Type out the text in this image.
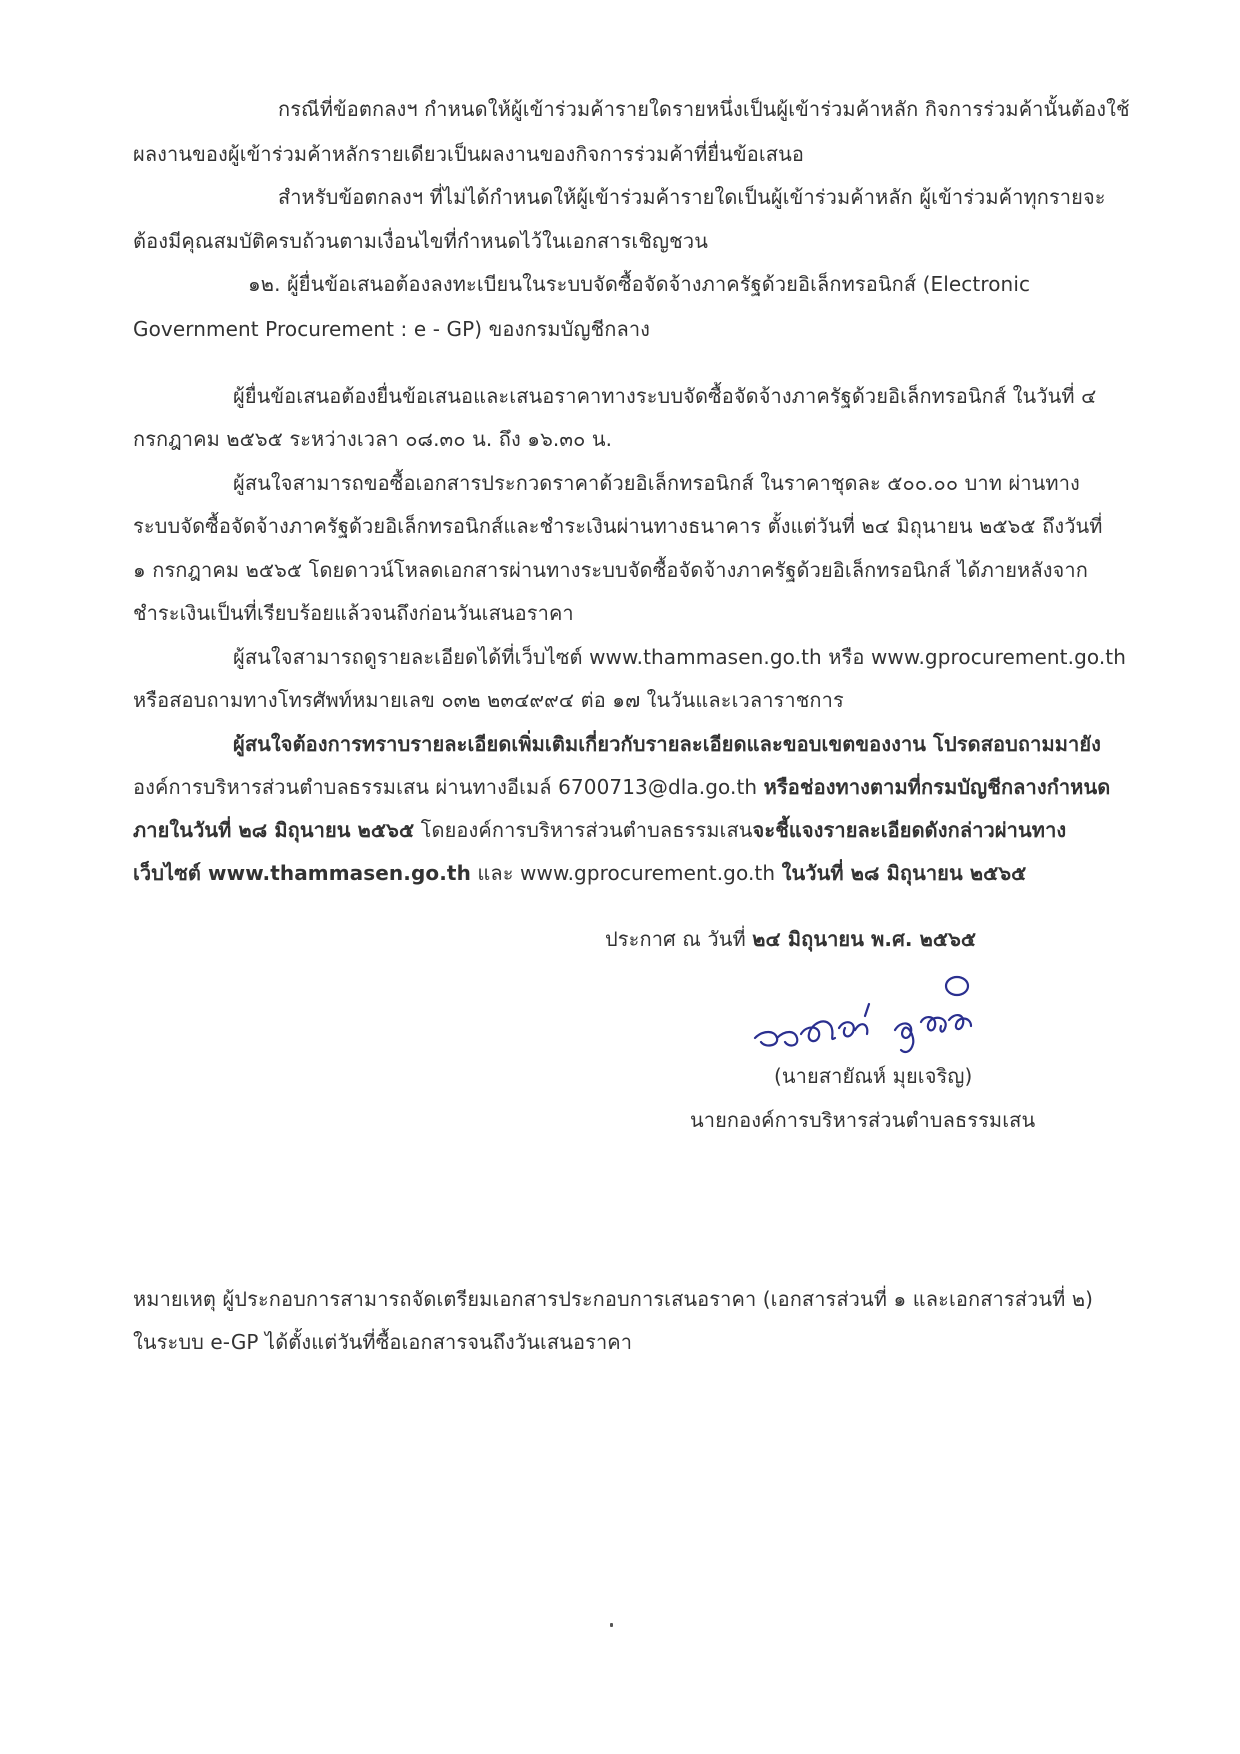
กรณีที่ข้อตกลงฯ กำหนดให้ผู้เข้าร่วมค้ารายใดรายหนึ่งเป็นผู้เข้าร่วมค้าหลัก กิจการร่วมค้านั้นต้องใช้
ผลงานของผู้เข้าร่วมค้าหลักรายเดียวเป็นผลงานของกิจการร่วมค้าที่ยื่นข้อเสนอ
สำหรับข้อตกลงฯ ที่ไม่ได้กำหนดให้ผู้เข้าร่วมค้ารายใดเป็นผู้เข้าร่วมค้าหลัก ผู้เข้าร่วมค้าทุกรายจะ
ต้องมีคุณสมบัติครบถ้วนตามเงื่อนไขที่กำหนดไว้ในเอกสารเชิญชวน
๑๒. ผู้ยื่นข้อเสนอต้องลงทะเบียนในระบบจัดซื้อจัดจ้างภาครัฐด้วยอิเล็กทรอนิกส์ (Electronic
Government Procurement : e - GP) ของกรมบัญชีกลาง
ผู้ยื่นข้อเสนอต้องยื่นข้อเสนอและเสนอราคาทางระบบจัดซื้อจัดจ้างภาครัฐด้วยอิเล็กทรอนิกส์ ในวันที่ ๔
กรกฎาคม ๒๕๖๕ ระหว่างเวลา ๐๘.๓๐ น. ถึง ๑๖.๓๐ น.
ผู้สนใจสามารถขอซื้อเอกสารประกวดราคาด้วยอิเล็กทรอนิกส์ ในราคาชุดละ ๕๐๐.๐๐ บาท ผ่านทาง
ระบบจัดซื้อจัดจ้างภาครัฐด้วยอิเล็กทรอนิกส์และชำระเงินผ่านทางธนาคาร ตั้งแต่วันที่ ๒๔ มิถุนายน ๒๕๖๕ ถึงวันที่
๑ กรกฎาคม ๒๕๖๕ โดยดาวน์โหลดเอกสารผ่านทางระบบจัดซื้อจัดจ้างภาครัฐด้วยอิเล็กทรอนิกส์ ได้ภายหลังจาก
ชำระเงินเป็นที่เรียบร้อยแล้วจนถึงก่อนวันเสนอราคา
ผู้สนใจสามารถดูรายละเอียดได้ที่เว็บไซต์ www.thammasen.go.th หรือ www.gprocurement.go.th
หรือสอบถามทางโทรศัพท์หมายเลข ๐๓๒ ๒๓๔๙๙๔ ต่อ ๑๗ ในวันและเวลาราชการ
ผู้สนใจต้องการทราบรายละเอียดเพิ่มเติมเกี่ยวกับรายละเอียดและขอบเขตของงาน โปรดสอบถามมายัง
องค์การบริหารส่วนตำบลธรรมเสน ผ่านทางอีเมล์ 6700713@dla.go.th หรือช่องทางตามที่กรมบัญชีกลางกำหนด
ภายในวันที่ ๒๘ มิถุนายน ๒๕๖๕ โดยองค์การบริหารส่วนตำบลธรรมเสนจะชี้แจงรายละเอียดดังกล่าวผ่านทาง
เว็บไซต์ www.thammasen.go.th และ www.gprocurement.go.th ในวันที่ ๒๘ มิถุนายน ๒๕๖๕
ประกาศ ณ วันที่ ๒๔ มิถุนายน พ.ศ. ๒๕๖๕
(นายสายัณห์ มุยเจริญ)
นายกองค์การบริหารส่วนตำบลธรรมเสน
หมายเหตุ ผู้ประกอบการสามารถจัดเตรียมเอกสารประกอบการเสนอราคา (เอกสารส่วนที่ ๑ และเอกสารส่วนที่ ๒)
ในระบบ e-GP ได้ตั้งแต่วันที่ซื้อเอกสารจนถึงวันเสนอราคา
